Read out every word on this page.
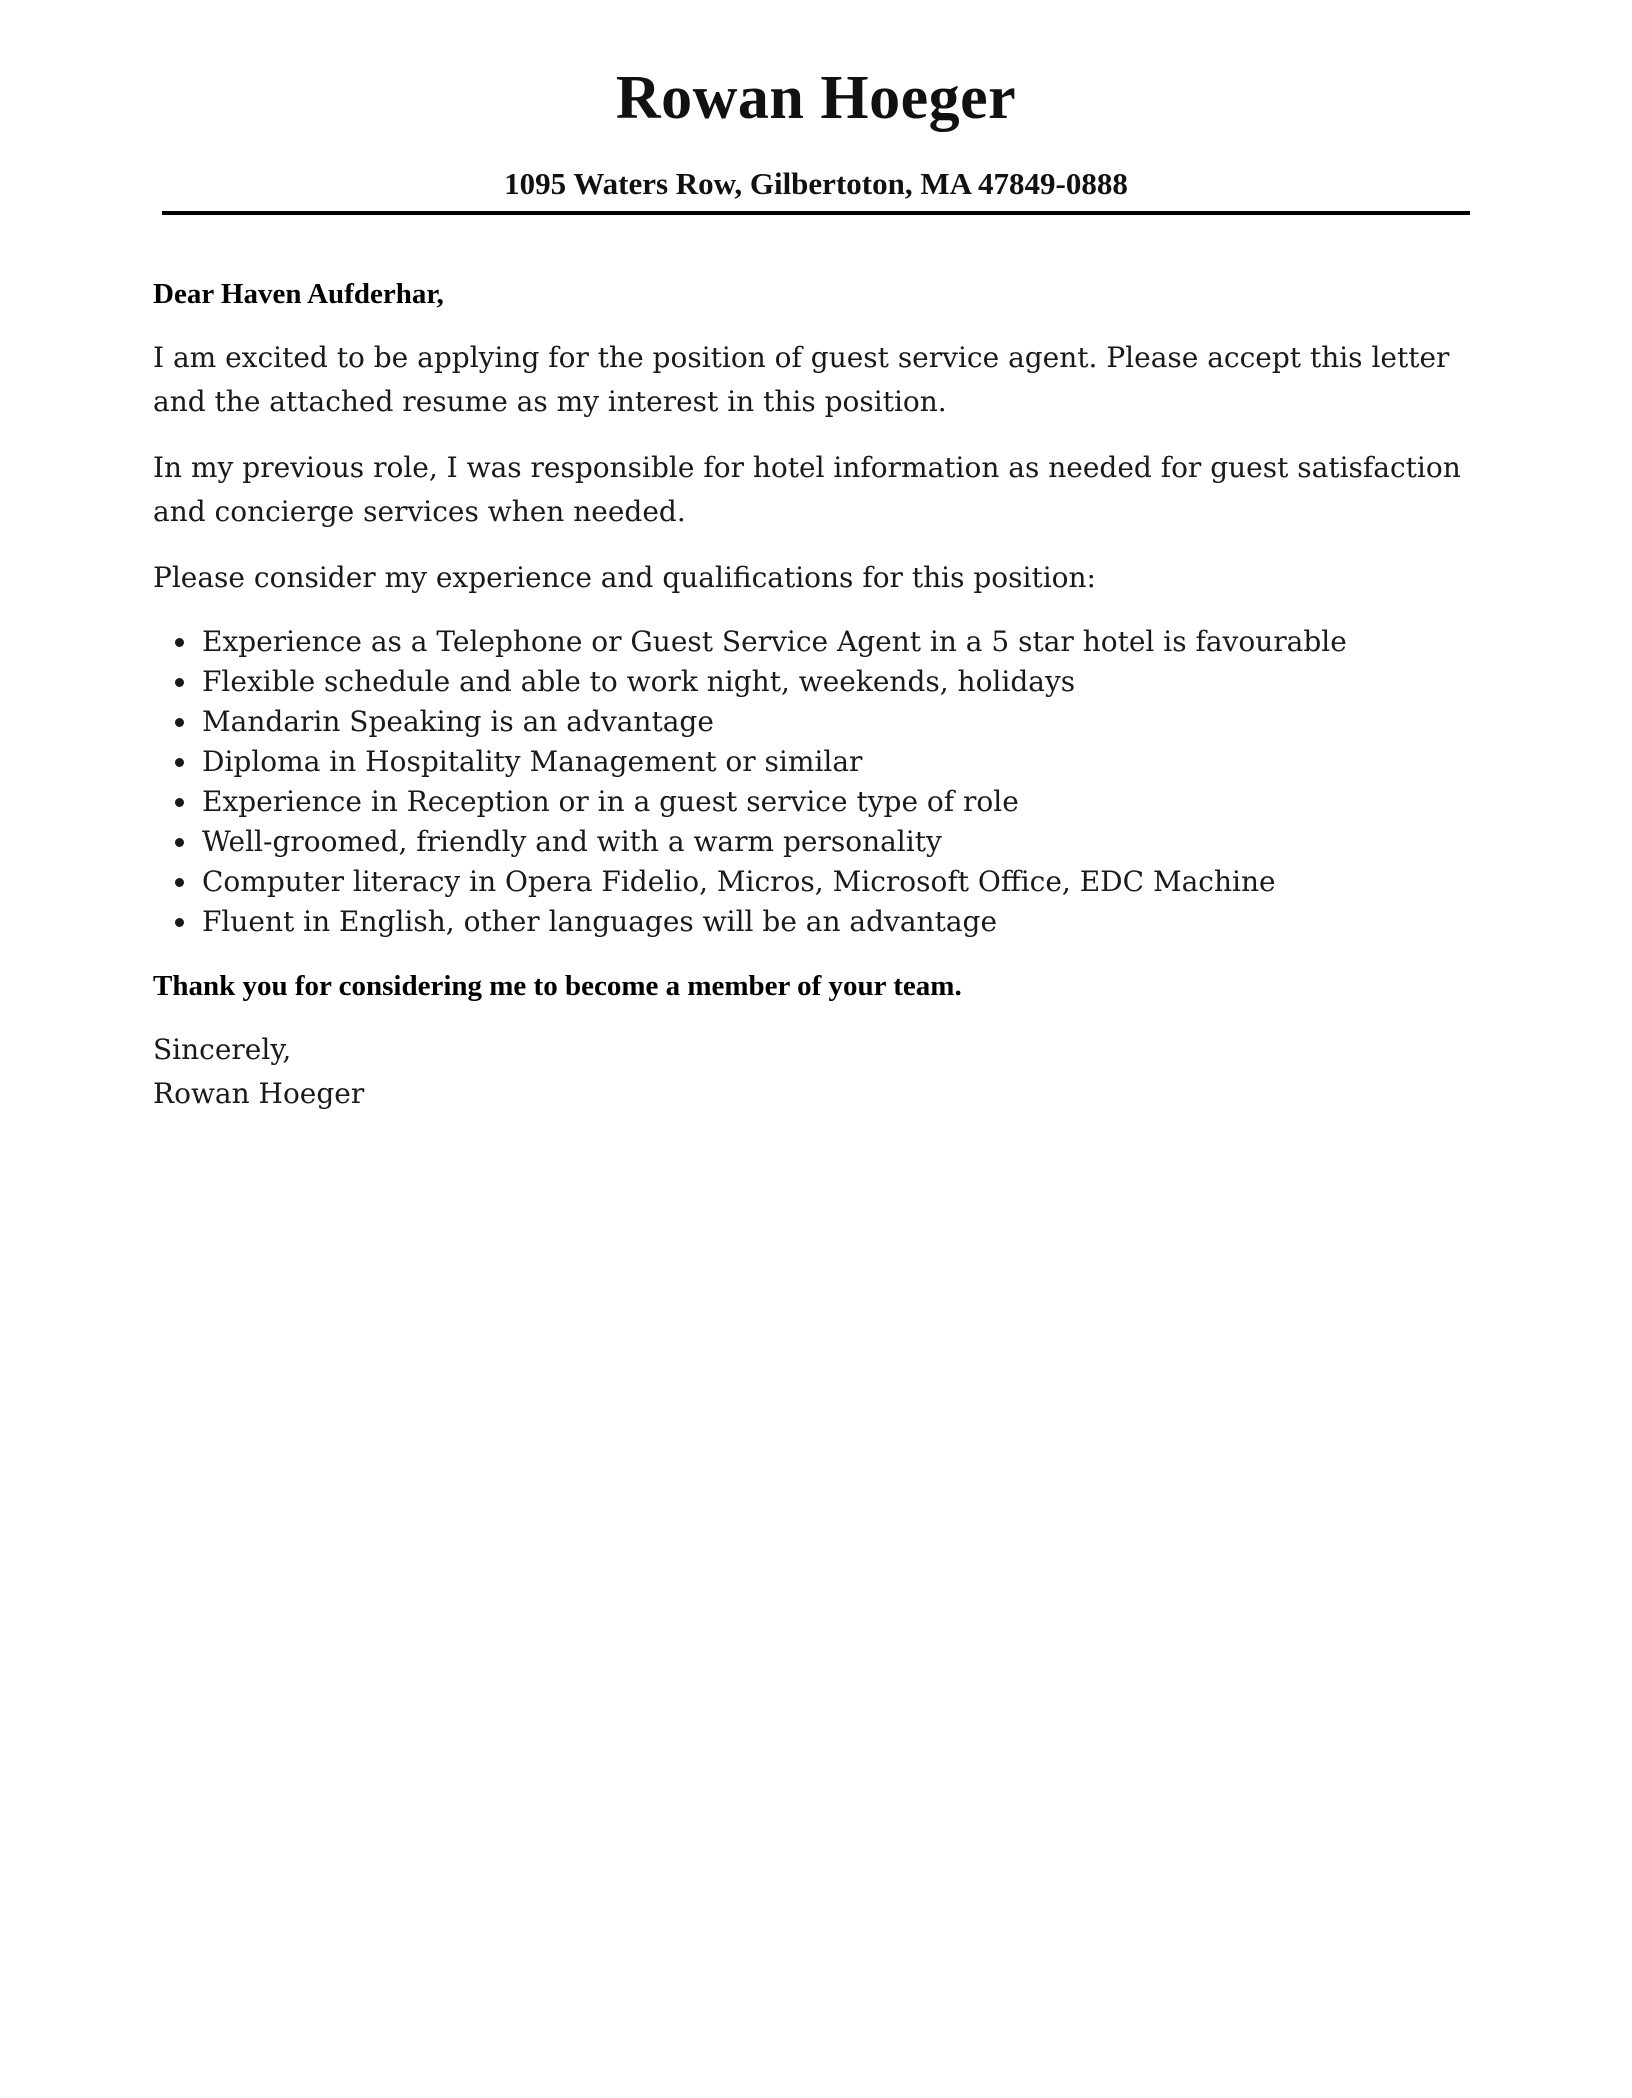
Rowan Hoeger
1095 Waters Row, Gilbertoton, MA 47849-0888
Dear Haven Aufderhar,

I am excited to be applying for the position of guest service agent. Please accept this letter and the attached resume as my interest in this position.

In my previous role, I was responsible for hotel information as needed for guest satisfaction and concierge services when needed.

Please consider my experience and qualifications for this position:

Experience as a Telephone or Guest Service Agent in a 5 star hotel is favourable
Flexible schedule and able to work night, weekends, holidays
Mandarin Speaking is an advantage
Diploma in Hospitality Management or similar
Experience in Reception or in a guest service type of role
Well-groomed, friendly and with a warm personality
Computer literacy in Opera Fidelio, Micros, Microsoft Office, EDC Machine
Fluent in English, other languages will be an advantage
Thank you for considering me to become a member of your team.
Sincerely,
Rowan Hoeger
